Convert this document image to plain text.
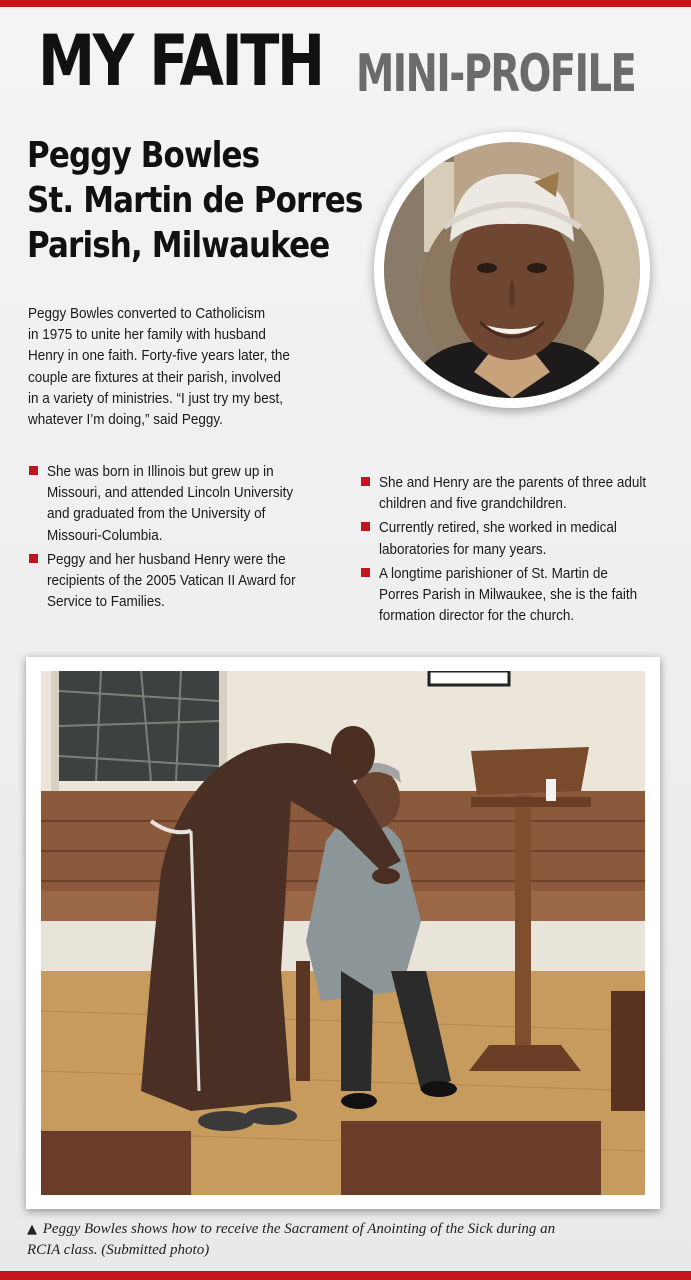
MY FAITH MINI-PROFILE
Peggy Bowles
St. Martin de Porres
Parish, Milwaukee
Peggy Bowles converted to Catholicism
in 1975 to unite her family with husband
Henry in one faith. Forty-five years later, the
couple are fixtures at their parish, involved
in a variety of ministries. “I just try my best,
whatever I’m doing,” said Peggy.
She was born in Illinois but grew up in
Missouri, and attended Lincoln University
and graduated from the University of
Missouri-Columbia.
Peggy and her husband Henry were the
recipients of the 2005 Vatican II Award for
Service to Families.
She and Henry are the parents of three adult
children and five grandchildren.
Currently retired, she worked in medical
laboratories for many years.
A longtime parishioner of St. Martin de
Porres Parish in Milwaukee, she is the faith
formation director for the church.
▲ Peggy Bowles shows how to receive the Sacrament of Anointing of the Sick during an
RCIA class. (Submitted photo)
